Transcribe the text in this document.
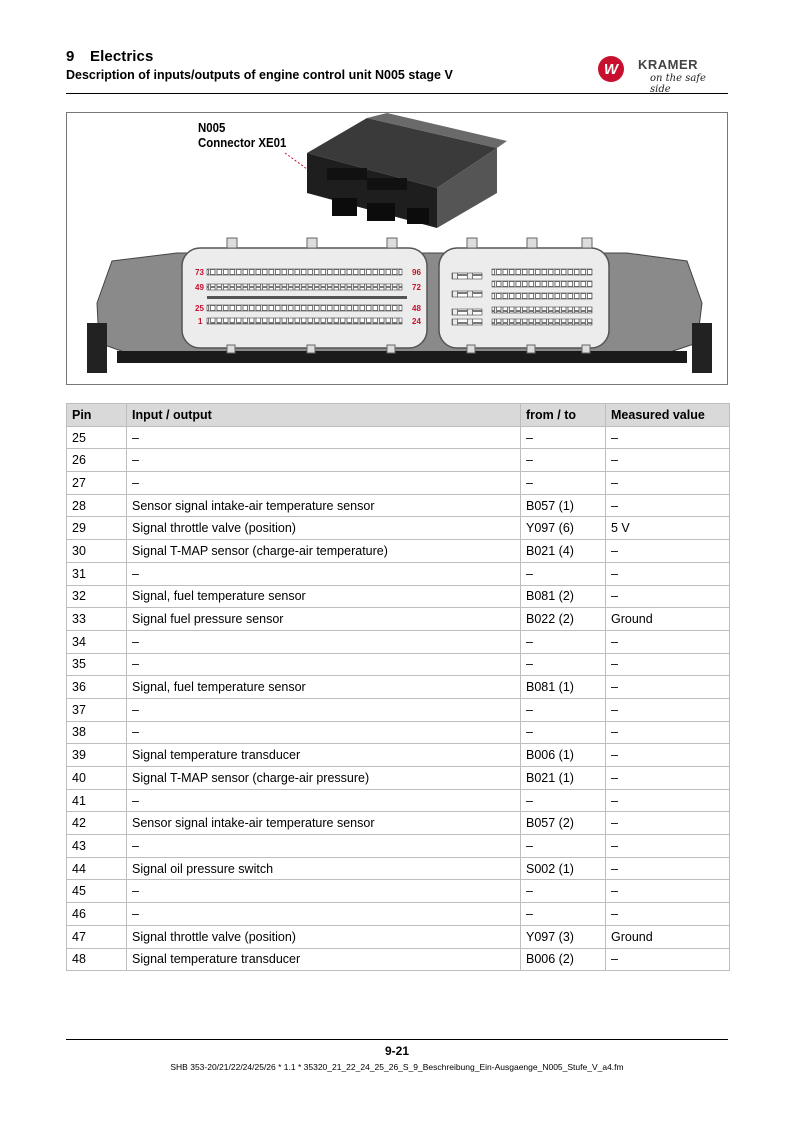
9 Electrics
Description of inputs/outputs of engine control unit N005 stage V	W	KRAMER
on the safe side
73	96
49	72
25	48
1	24
N005
Connector XE01
Pin	Input / output	from / to	Measured value
25	–	–	–
26	–	–	–
27	–	–	–
28	Sensor signal intake-air temperature sensor	B057 (1)	–
29	Signal throttle valve (position)	Y097 (6)	5 V
30	Signal T-MAP sensor (charge-air temperature)	B021 (4)	–
31	–	–	–
32	Signal, fuel temperature sensor	B081 (2)	–
33	Signal fuel pressure sensor	B022 (2)	Ground
34	–	–	–
35	–	–	–
36	Signal, fuel temperature sensor	B081 (1)	–
37	–	–	–
38	–	–	–
39	Signal temperature transducer	B006 (1)	–
40	Signal T-MAP sensor (charge-air pressure)	B021 (1)	–
41	–	–	–
42	Sensor signal intake-air temperature sensor	B057 (2)	–
43	–	–	–
44	Signal oil pressure switch	S002 (1)	–
45	–	–	–
46	–	–	–
47	Signal throttle valve (position)	Y097 (3)	Ground
48	Signal temperature transducer	B006 (2)	–
9-21
SHB 353-20/21/22/24/25/26 * 1.1 * 35320_21_22_24_25_26_S_9_Beschreibung_Ein-Ausgaenge_N005_Stufe_V_a4.fm
